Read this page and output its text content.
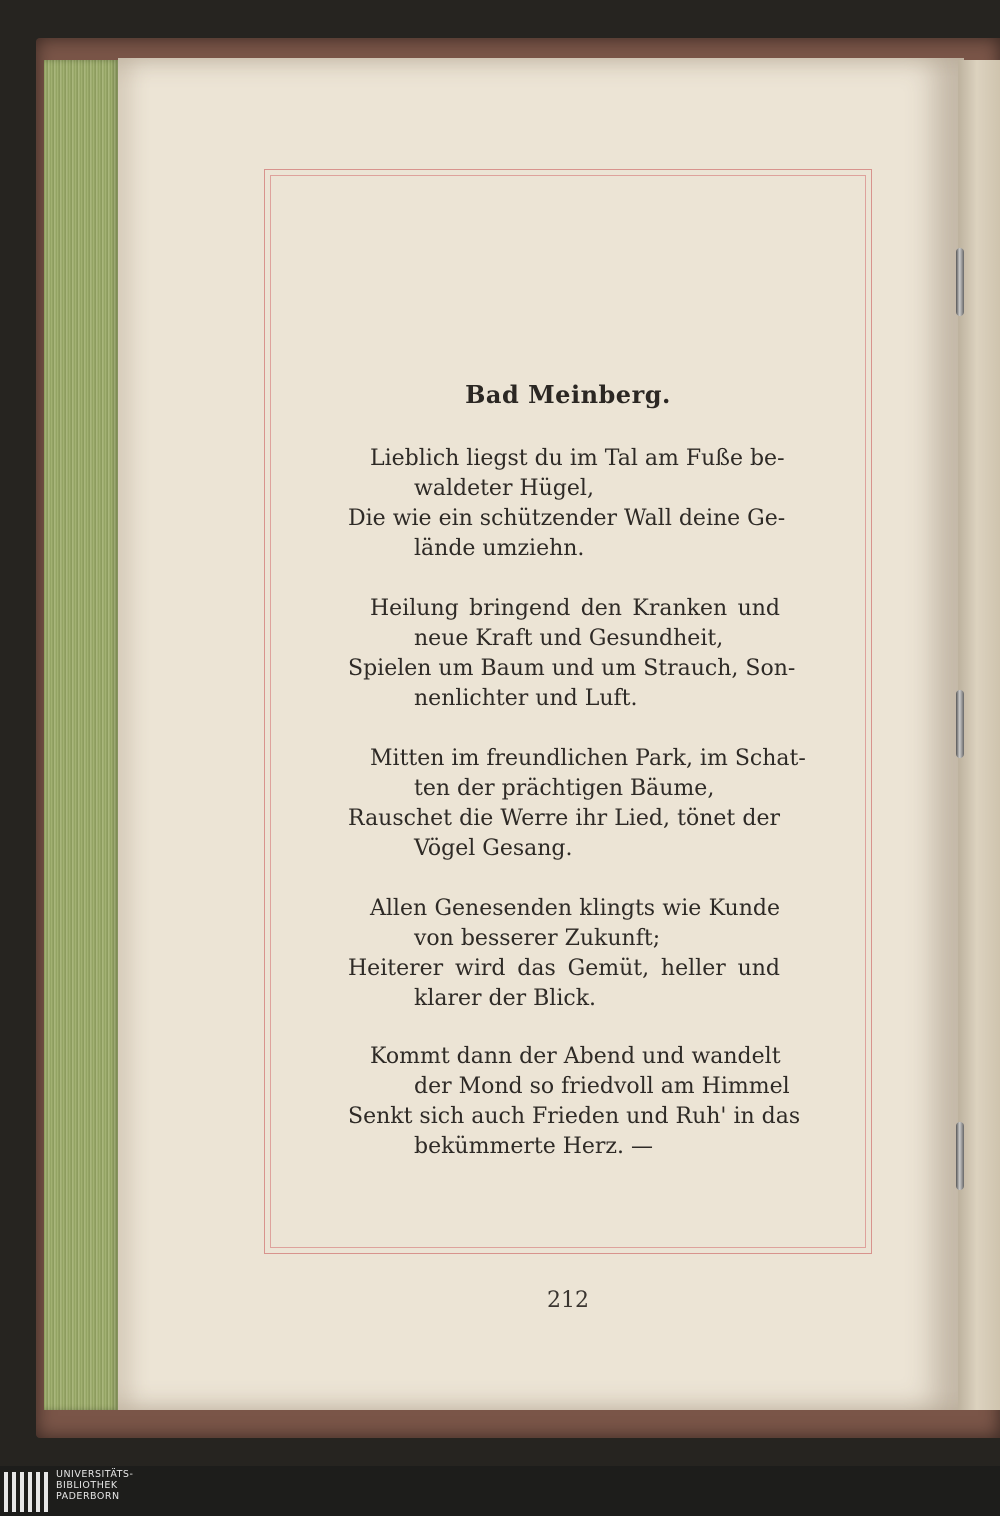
Bad Meinberg.
Lieblich liegst du im Tal am Fuße be-
waldeter Hügel,
Die wie ein schützender Wall deine Ge-
lände umziehn.
Heilung bringend den Kranken und
neue Kraft und Gesundheit,
Spielen um Baum und um Strauch, Son-
nenlichter und Luft.
Mitten im freundlichen Park, im Schat-
ten der prächtigen Bäume,
Rauschet die Werre ihr Lied, tönet der
Vögel Gesang.
Allen Genesenden klingts wie Kunde
von besserer Zukunft;
Heiterer wird das Gemüt, heller und
klarer der Blick.
Kommt dann der Abend und wandelt
der Mond so friedvoll am Himmel
Senkt sich auch Frieden und Ruh' in das
bekümmerte Herz. —
212
UNIVERSITÄTS-
BIBLIOTHEK
PADERBORN
